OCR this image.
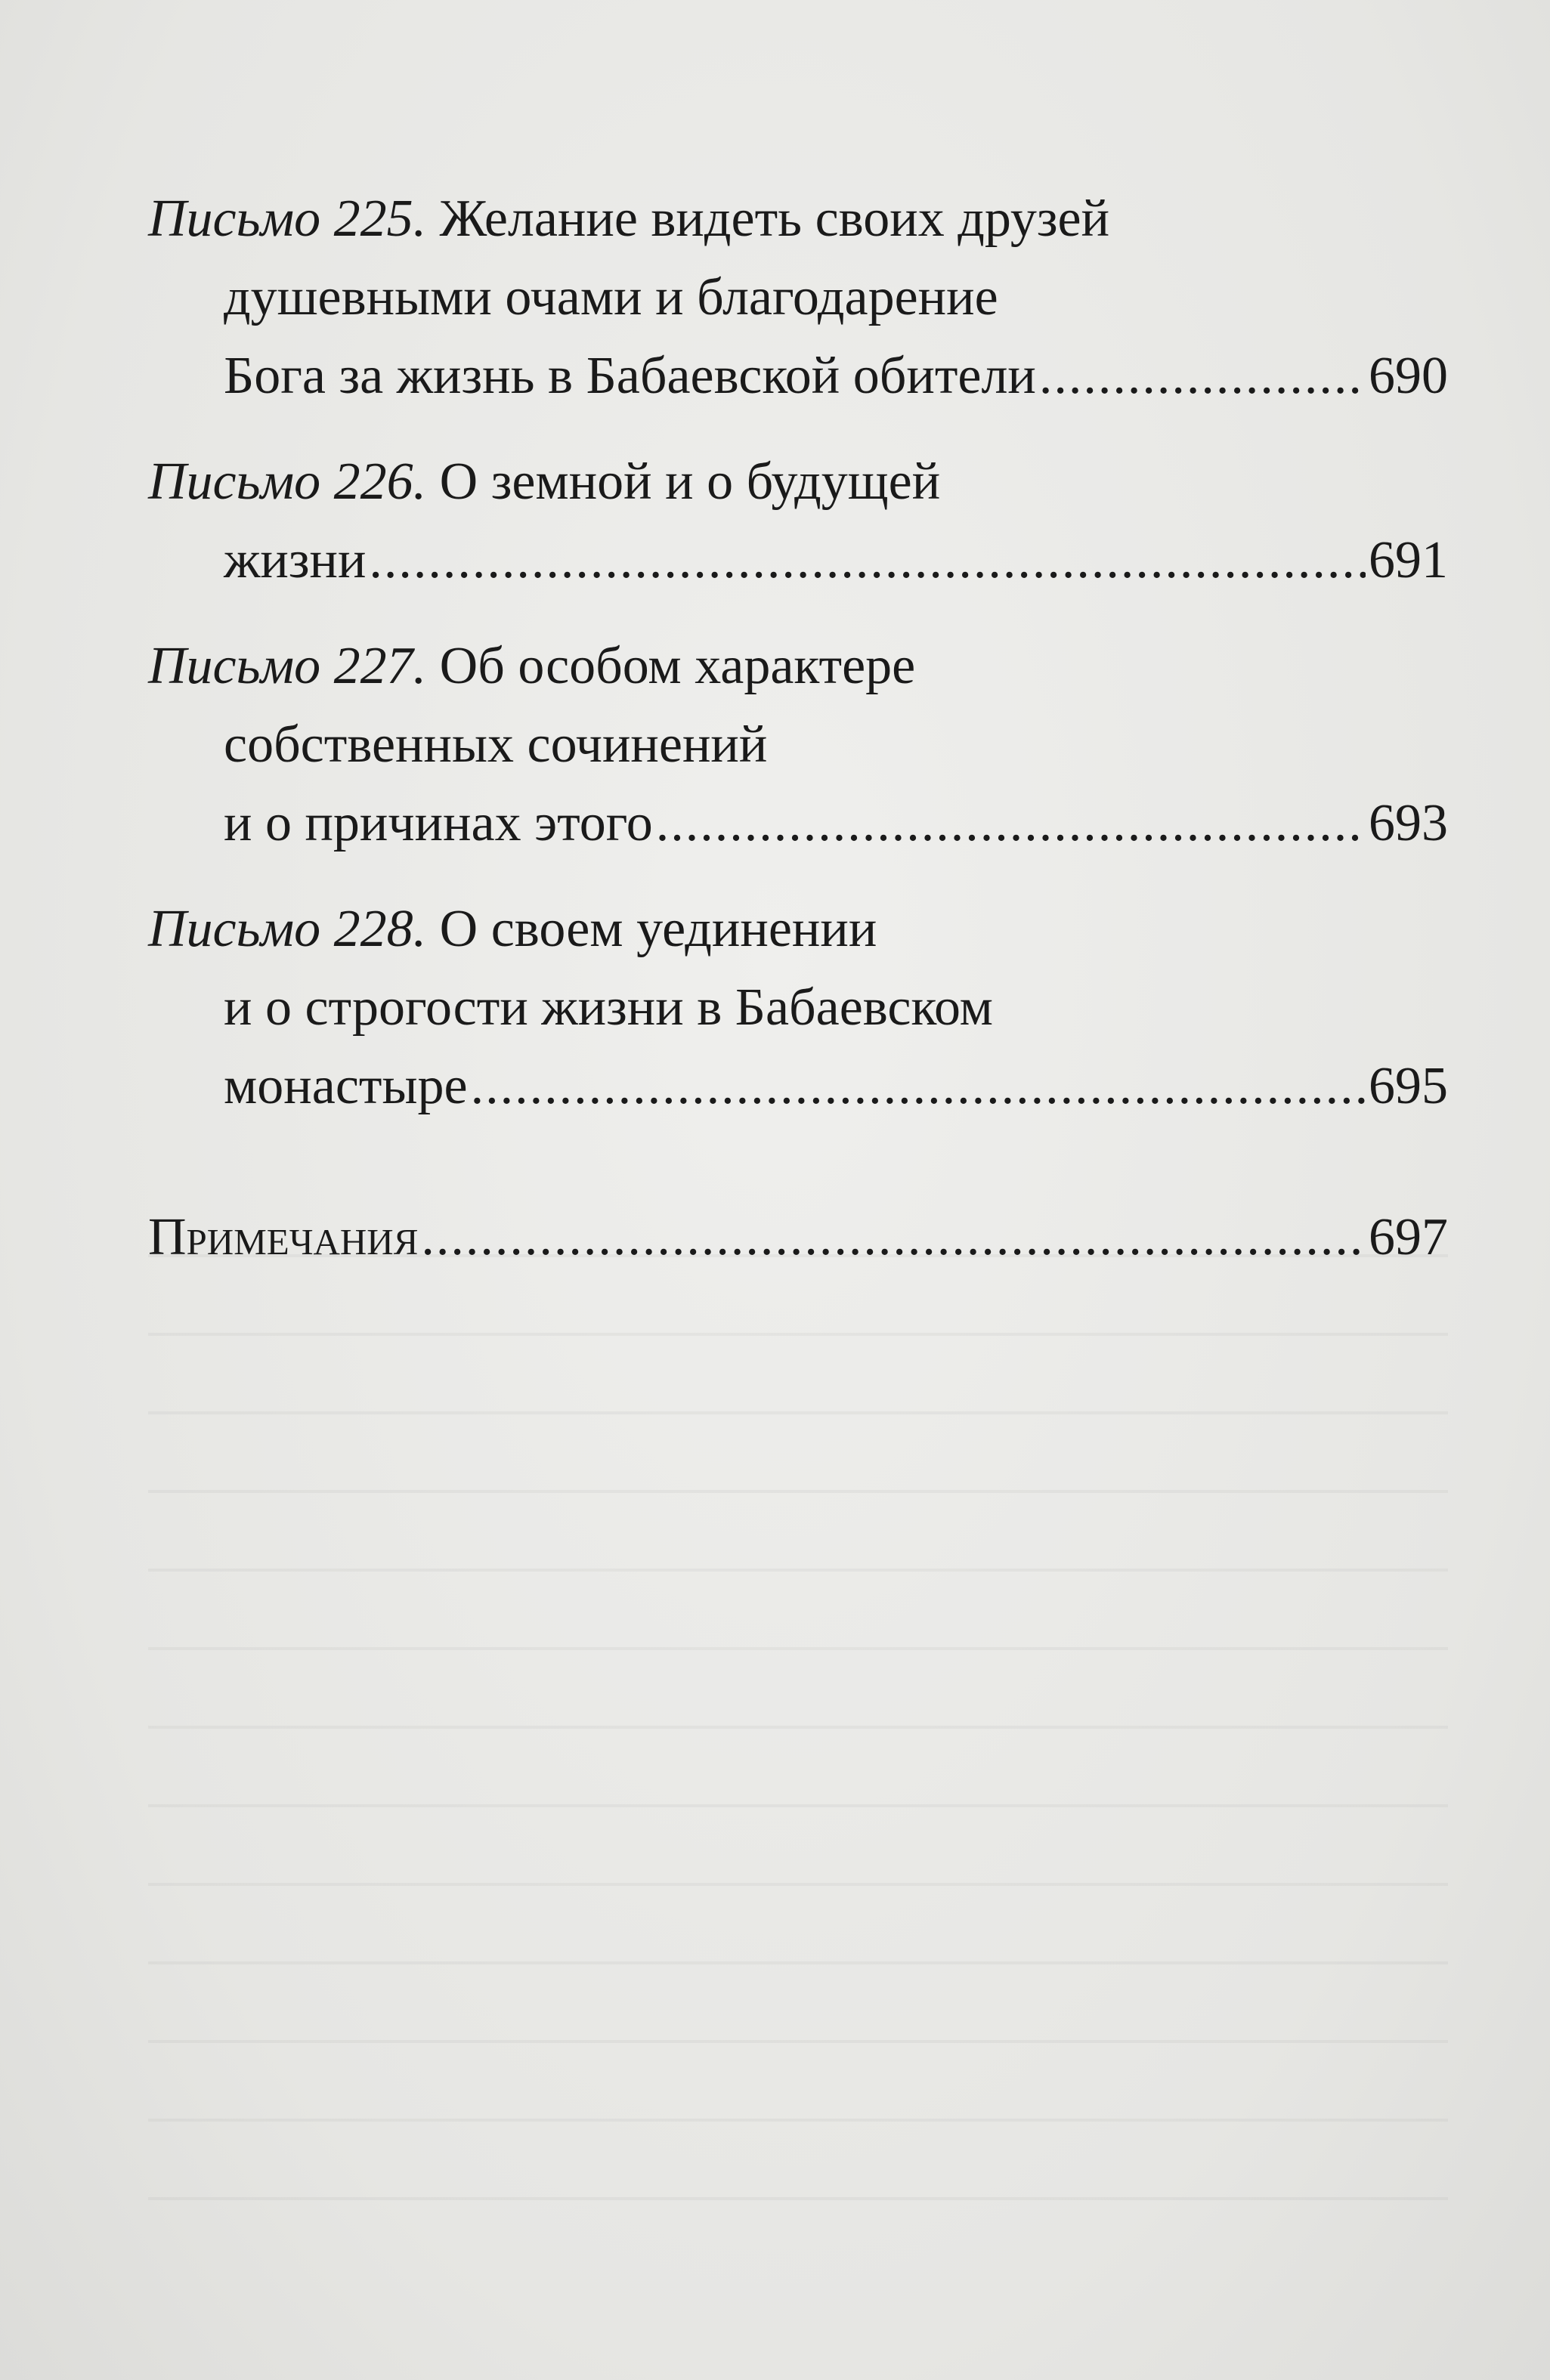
Письмо 225. Желание видеть своих друзей
душевными очами и благодарение
Бога за жизнь в Бабаевской обители .....	690
Письмо 226. О земной и о будущей
жизни .....	691
Письмо 227. Об особом характере
собственных сочинений
и о причинах этого .....	693
Письмо 228. О своем уединении
и о строгости жизни в Бабаевском
монастыре .....	695
Примечания .....	697
